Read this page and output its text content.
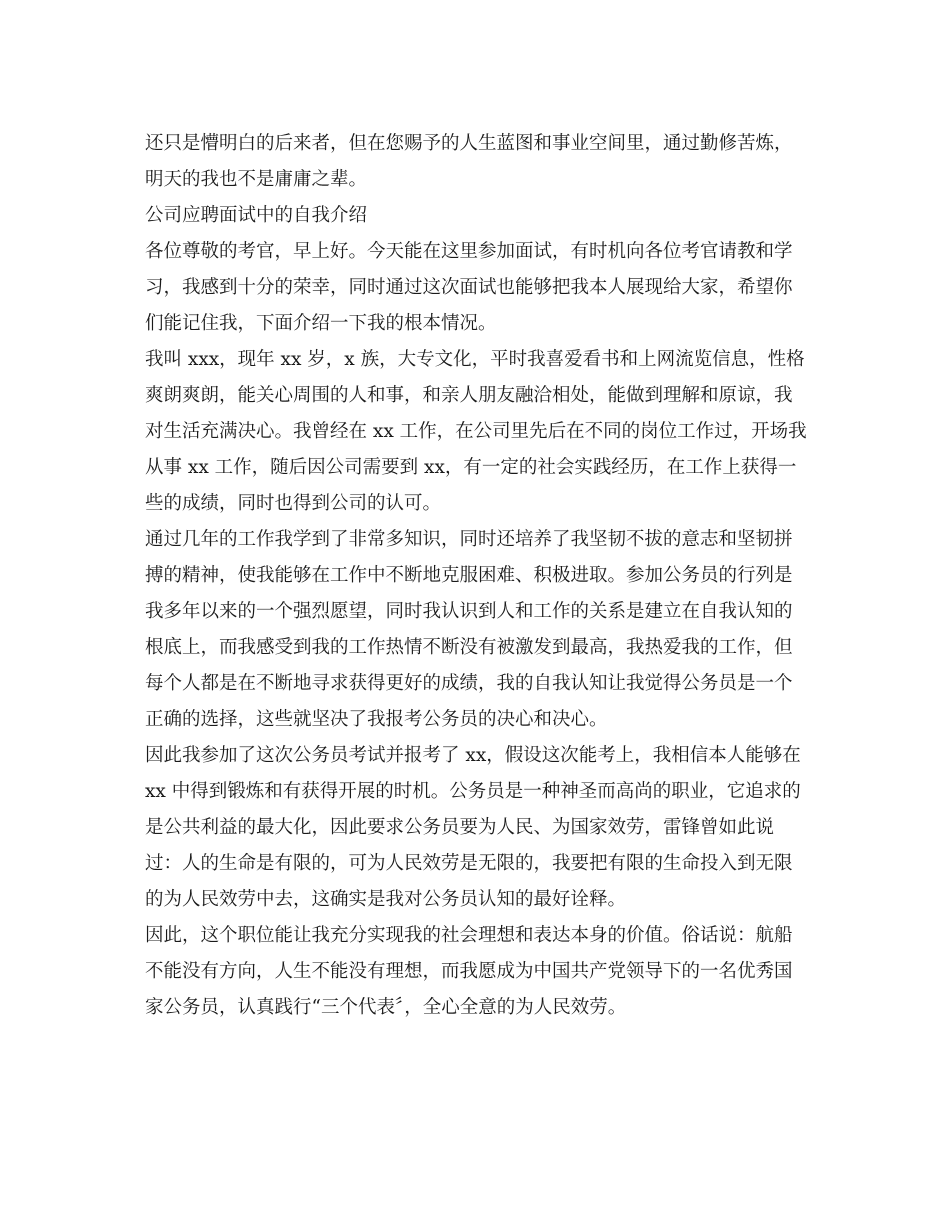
还只是懵明白的后来者，但在您赐予的人生蓝图和事业空间里，通过勤修苦炼，
明天的我也不是庸庸之辈。
公司应聘面试中的自我介绍
各位尊敬的考官，早上好。今天能在这里参加面试，有时机向各位考官请教和学
习，我感到十分的荣幸，同时通过这次面试也能够把我本人展现给大家，希望你
们能记住我，下面介绍一下我的根本情况。
我叫 xxx，现年 xx 岁，x 族，大专文化，平时我喜爱看书和上网流览信息，性格
爽朗爽朗，能关心周围的人和事，和亲人朋友融洽相处，能做到理解和原谅，我
对生活充满决心。我曾经在 xx 工作，在公司里先后在不同的岗位工作过，开场我
从事 xx 工作，随后因公司需要到 xx，有一定的社会实践经历，在工作上获得一
些的成绩，同时也得到公司的认可。
通过几年的工作我学到了非常多知识，同时还培养了我坚韧不拔的意志和坚韧拼
搏的精神，使我能够在工作中不断地克服困难、积极进取。参加公务员的行列是
我多年以来的一个强烈愿望，同时我认识到人和工作的关系是建立在自我认知的
根底上，而我感受到我的工作热情不断没有被激发到最高，我热爱我的工作，但
每个人都是在不断地寻求获得更好的成绩，我的自我认知让我觉得公务员是一个
正确的选择，这些就坚决了我报考公务员的决心和决心。
因此我参加了这次公务员考试并报考了 xx，假设这次能考上，我相信本人能够在
xx 中得到锻炼和有获得开展的时机。公务员是一种神圣而高尚的职业，它追求的
是公共利益的最大化，因此要求公务员要为人民、为国家效劳，雷锋曾如此说
过：人的生命是有限的，可为人民效劳是无限的，我要把有限的生命投入到无限
的为人民效劳中去，这确实是我对公务员认知的最好诠释。
因此，这个职位能让我充分实现我的社会理想和表达本身的价值。俗话说：航船
不能没有方向，人生不能没有理想，而我愿成为中国共产党领导下的一名优秀国
家公务员，认真践行“三个代表〞，全心全意的为人民效劳。
